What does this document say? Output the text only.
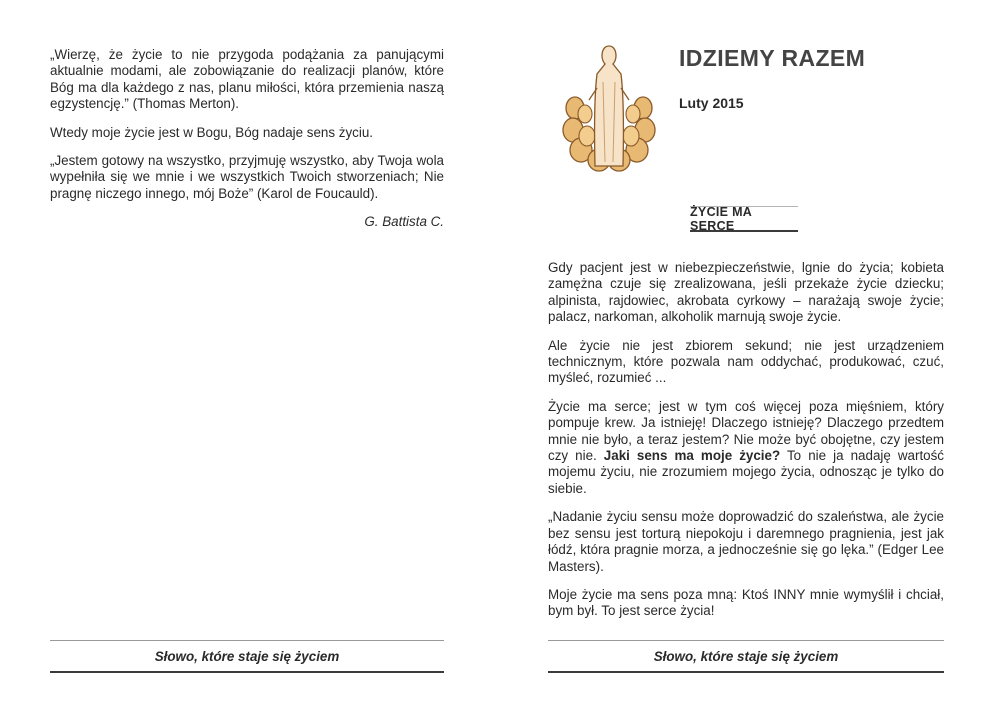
„Wierzę, że życie to nie przygoda podążania za panującymi aktualnie modami, ale zobowiązanie do realizacji planów, które Bóg ma dla każdego z nas, planu miłości, która przemienia naszą egzystencję.” (Thomas Merton).

Wtedy moje życie jest w Bogu, Bóg nadaje sens życiu.

„Jestem gotowy na wszystko, przyjmuję wszystko, aby Twoja wola wypełniła się we mnie i we wszystkich Twoich stworzeniach; Nie pragnę niczego innego, mój Boże” (Karol de Foucauld).

G. Battista C.

Słowo, które staje się życiem
IDZIEMY RAZEM
Luty 2015
ŻYCIE MA SERCE

Gdy pacjent jest w niebezpieczeństwie, lgnie do życia; kobieta zamężna czuje się zrealizowana, jeśli przekaże życie dziecku; alpinista, rajdowiec, akrobata cyrkowy – narażają swoje życie; palacz, narkoman, alkoholik marnują swoje życie.

Ale życie nie jest zbiorem sekund; nie jest urządzeniem technicznym, które pozwala nam oddychać, produkować, czuć, myśleć, rozumieć ...

Życie ma serce; jest w tym coś więcej poza mięśniem, który pompuje krew. Ja istnieję! Dlaczego istnieję? Dlaczego przedtem mnie nie było, a teraz jestem? Nie może być obojętne, czy jestem czy nie. Jaki sens ma moje życie? To nie ja nadaję wartość mojemu życiu, nie zrozumiem mojego życia, odnosząc je tylko do siebie.

„Nadanie życiu sensu może doprowadzić do szaleństwa, ale życie bez sensu jest torturą niepokoju i daremnego pragnienia, jest jak łódź, która pragnie morza, a jednocześnie się go lęka.” (Edger Lee Masters).

Moje życie ma sens poza mną: Ktoś INNY mnie wymyślił i chciał, bym był. To jest serce życia!

Słowo, które staje się życiem
